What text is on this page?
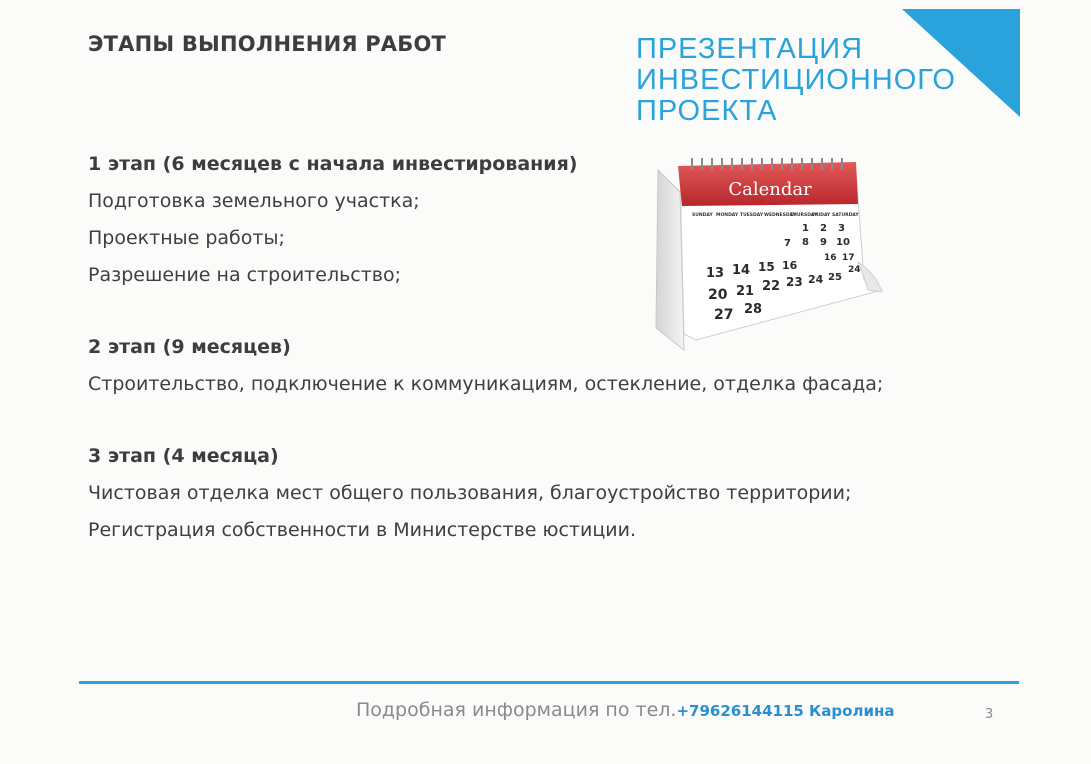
ЭТАПЫ ВЫПОЛНЕНИЯ РАБОТ	ПРЕЗЕНТАЦИЯ
ИНВЕСТИЦИОННОГО
ПРОЕКТА
Calendar
SUNDAY MONDAY TUESDAY WEDNESDAY
THURSDAY
FRIDAY SATURDAY
1 2 3
7 8 9 10
16 17
13 14 15 16
20 21 22 23 24 25
27 28
24
1 этап (6 месяцев с начала инвестирования)
Подготовка земельного участка;
Проектные работы;
Разрешение на строительство;
2 этап (9 месяцев)
Строительство, подключение к коммуникациям, остекление, отделка фасада;
3 этап (4 месяца)
Чистовая отделка мест общего пользования, благоустройство территории;
Регистрация собственности в Министерстве юстиции.
Подробная информация по тел.+79626144115 Каролина	3
